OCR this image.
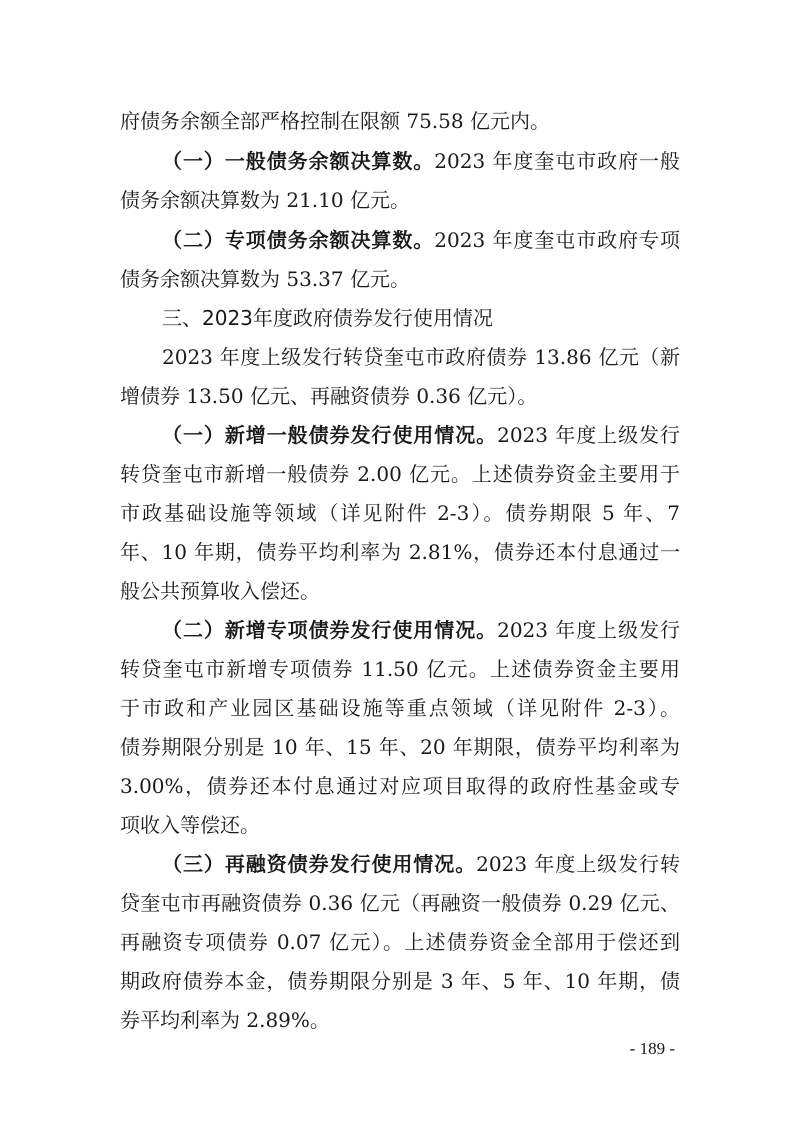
府债务余额全部严格控制在限额 75.58 亿元内。
（一）一般债务余额决算数。2023 年度奎屯市政府一般
债务余额决算数为 21.10 亿元。
（二）专项债务余额决算数。2023 年度奎屯市政府专项
债务余额决算数为 53.37 亿元。
三、2023年度政府债券发行使用情况
2023 年度上级发行转贷奎屯市政府债券 13.86 亿元（新
增债券 13.50 亿元、再融资债券 0.36 亿元）。
（一）新增一般债券发行使用情况。2023 年度上级发行
转贷奎屯市新增一般债券 2.00 亿元。上述债券资金主要用于
市政基础设施等领域（详见附件 2-3）。债券期限 5 年、7
年、10 年期，债券平均利率为 2.81%，债券还本付息通过一
般公共预算收入偿还。
（二）新增专项债券发行使用情况。2023 年度上级发行
转贷奎屯市新增专项债券 11.50 亿元。上述债券资金主要用
于市政和产业园区基础设施等重点领域（详见附件 2-3）。
债券期限分别是 10 年、15 年、20 年期限，债券平均利率为
3.00%，债券还本付息通过对应项目取得的政府性基金或专
项收入等偿还。
（三）再融资债券发行使用情况。2023 年度上级发行转
贷奎屯市再融资债券 0.36 亿元（再融资一般债券 0.29 亿元、
再融资专项债券 0.07 亿元）。上述债券资金全部用于偿还到
期政府债券本金，债券期限分别是 3 年、5 年、10 年期，债
券平均利率为 2.89%。
- 189 -
